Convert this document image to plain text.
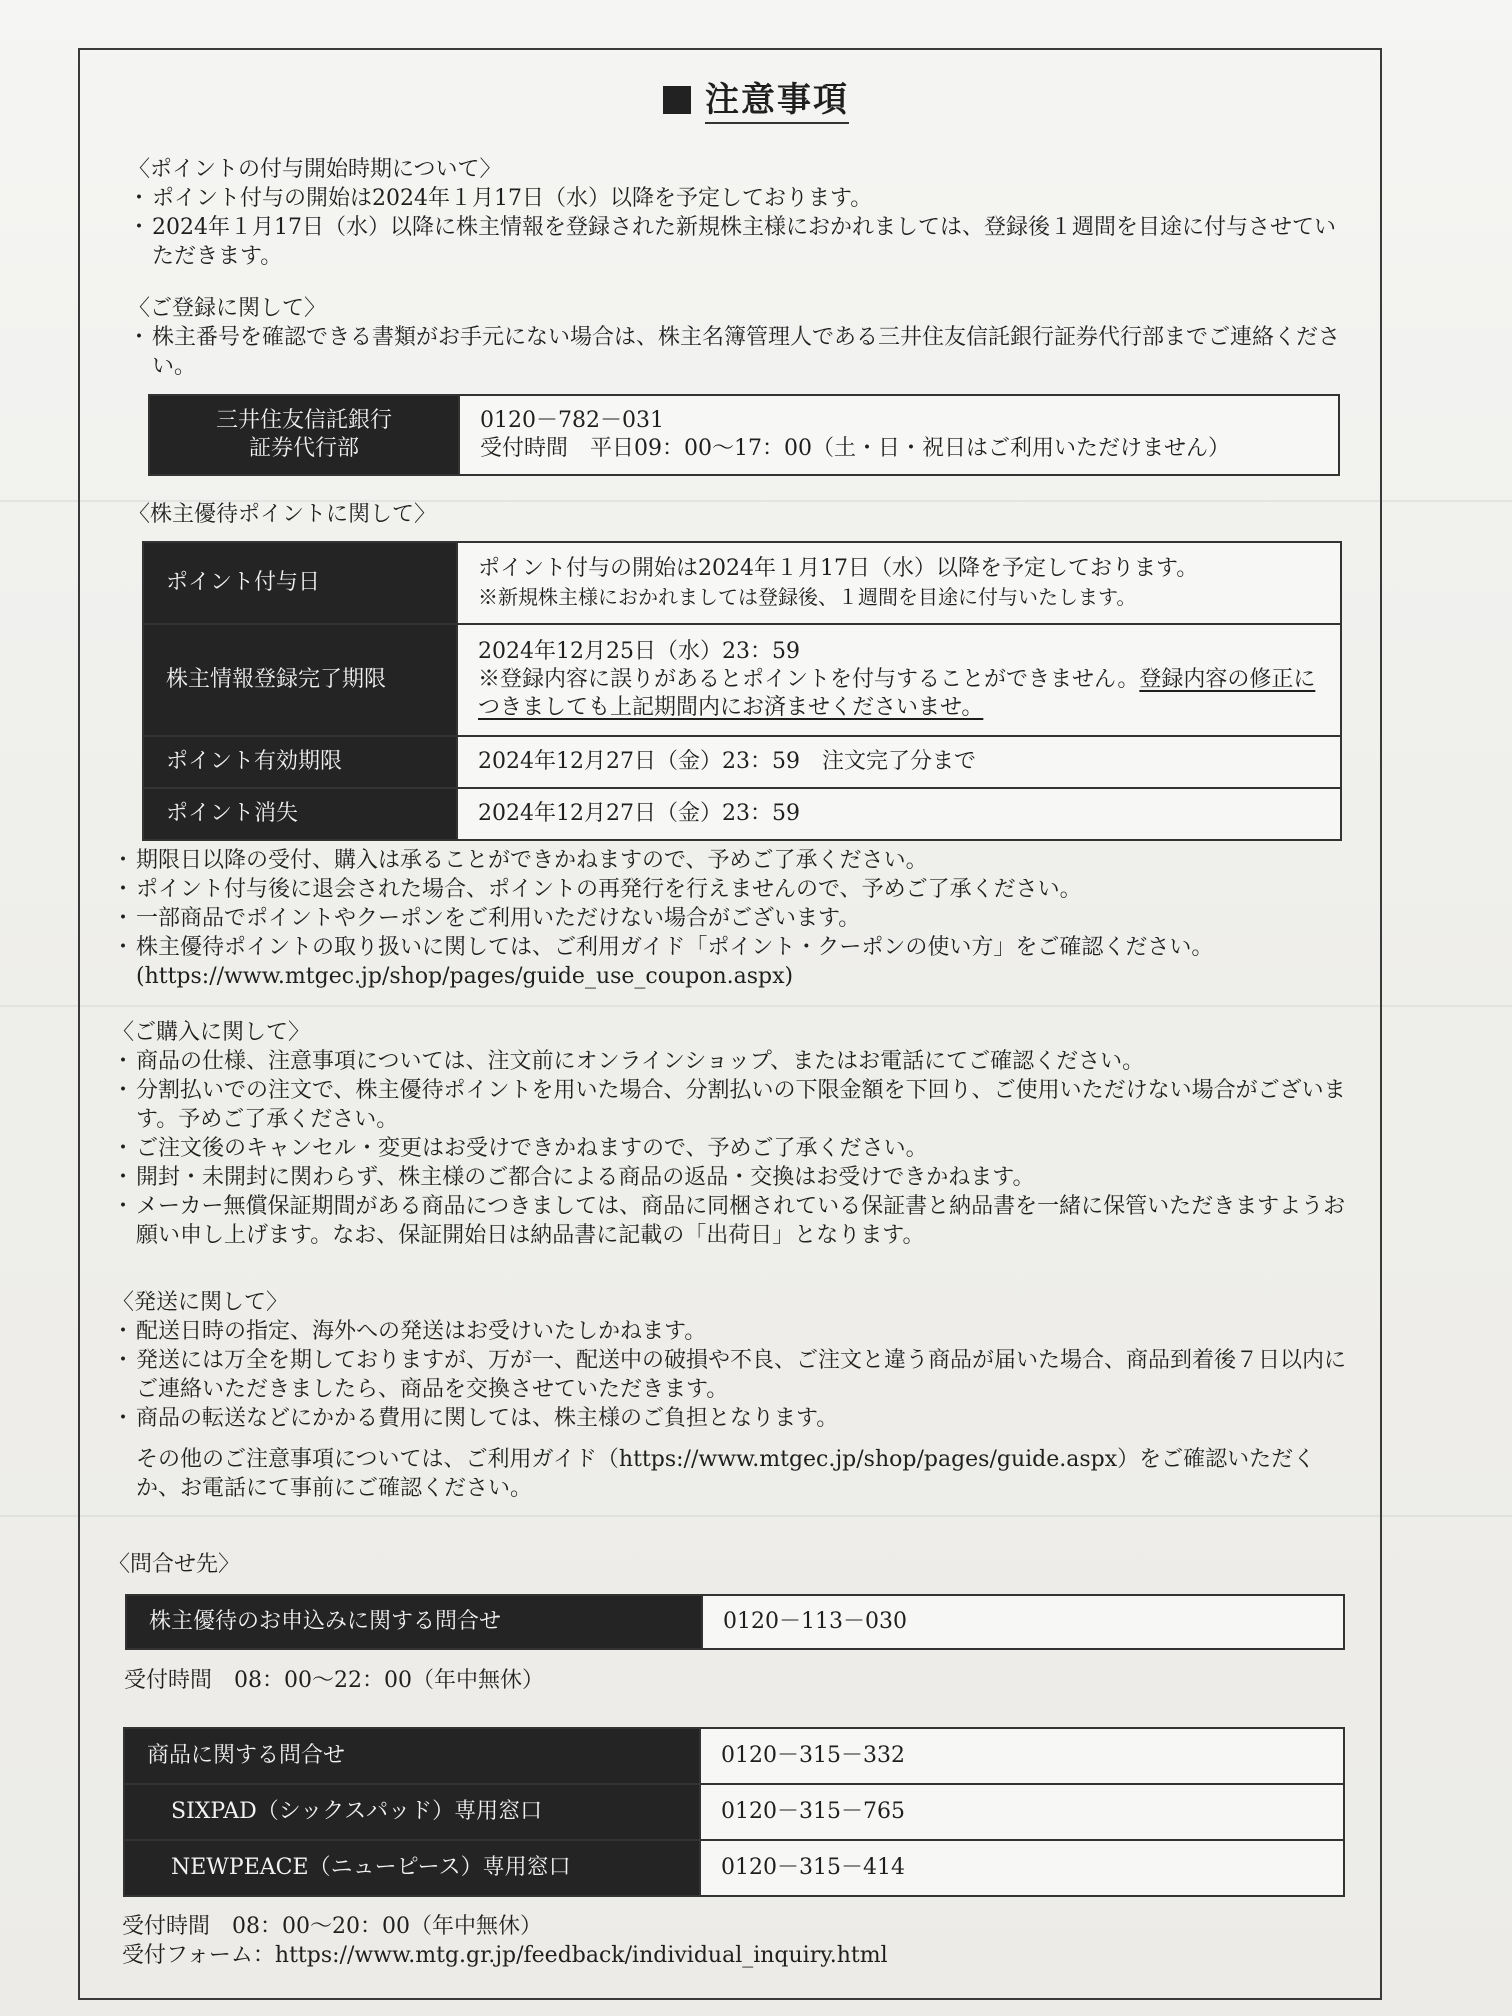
注意事項
〈ポイントの付与開始時期について〉
・ ポイント付与の開始は2024年１月17日（水）以降を予定しております。
・ 2024年１月17日（水）以降に株主情報を登録された新規株主様におかれましては、登録後１週間を目途に付与させていただきます。
〈ご登録に関して〉
・ 株主番号を確認できる書類がお手元にない場合は、株主名簿管理人である三井住友信託銀行証券代行部までご連絡ください。
三井住友信託銀行
証券代行部	
0120－782－031
受付時間　平日09：00～17：00（土・日・祝日はご利用いただけません）
〈株主優待ポイントに関して〉
ポイント付与日	ポイント付与の開始は2024年１月17日（水）以降を予定しております。
※新規株主様におかれましては登録後、１週間を目途に付与いたします。

株主情報登録完了期限	2024年12月25日（水）23：59
※登録内容に誤りがあるとポイントを付与することができません。登録内容の修正につきましても上記期間内にお済ませくださいませ。

ポイント有効期限	2024年12月27日（金）23：59　注文完了分まで
ポイント消失	2024年12月27日（金）23：59
・ 期限日以降の受付、購入は承ることができかねますので、予めご了承ください。
・ ポイント付与後に退会された場合、ポイントの再発行を行えませんので、予めご了承ください。
・ 一部商品でポイントやクーポンをご利用いただけない場合がございます。
・ 株主優待ポイントの取り扱いに関しては、ご利用ガイド「ポイント・クーポンの使い方」をご確認ください。
(https://www.mtgec.jp/shop/pages/guide_use_coupon.aspx)
〈ご購入に関して〉
・ 商品の仕様、注意事項については、注文前にオンラインショップ、またはお電話にてご確認ください。
・ 分割払いでの注文で、株主優待ポイントを用いた場合、分割払いの下限金額を下回り、ご使用いただけない場合がございます。予めご了承ください。
・ ご注文後のキャンセル・変更はお受けできかねますので、予めご了承ください。
・ 開封・未開封に関わらず、株主様のご都合による商品の返品・交換はお受けできかねます。
・ メーカー無償保証期間がある商品につきましては、商品に同梱されている保証書と納品書を一緒に保管いただきますようお願い申し上げます。なお、保証開始日は納品書に記載の「出荷日」となります。
〈発送に関して〉
・ 配送日時の指定、海外への発送はお受けいたしかねます。
・ 発送には万全を期しておりますが、万が一、配送中の破損や不良、ご注文と違う商品が届いた場合、商品到着後７日以内にご連絡いただきましたら、商品を交換させていただきます。
・ 商品の転送などにかかる費用に関しては、株主様のご負担となります。
その他のご注意事項については、ご利用ガイド（https://www.mtgec.jp/shop/pages/guide.aspx）をご確認いただくか、お電話にて事前にご確認ください。
〈問合せ先〉
株主優待のお申込みに関する問合せ	0120－113－030
受付時間　08：00～22：00（年中無休）
商品に関する問合せ	0120－315－332
SIXPAD（シックスパッド）専用窓口	0120－315－765
NEWPEACE（ニューピース）専用窓口	0120－315－414
受付時間　08：00～20：00（年中無休）
受付フォーム：https://www.mtg.gr.jp/feedback/individual_inquiry.html
